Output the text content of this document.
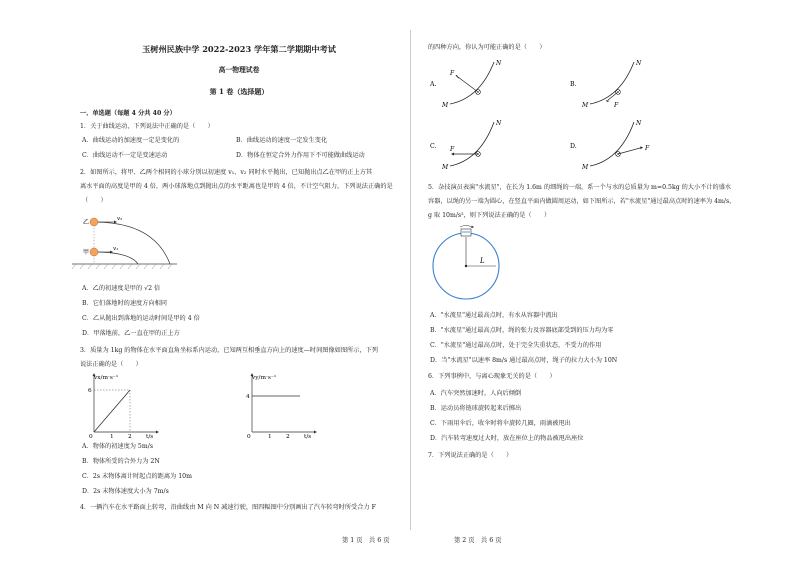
玉树州民族中学 2022-2023 学年第二学期期中考试
高一物理试卷
第 1 卷（选择题）
一、单选题（每题 4 分共 40 分）
1．关于曲线运动，下列说法中正确的是（　　）
A．曲线运动的加速度一定是变化的	B．曲线运动的速度一定发生变化
C．曲线运动不一定是变速运动	D．物体在恒定合外力作用下不可能做曲线运动
2．如图所示，将甲、乙两个相同的小球分别以初速度 v₁、v₂ 同时水平抛出，已知抛出点乙在甲的正上方其
离水平面的高度是甲的 4 倍，两小球落地点到抛出点的水平距离也是甲的 4 倍，不计空气阻力，下列说法正确的是
（　　）
乙
甲
v₂
v₁
A．乙的初速度是甲的 √2 倍
B．它们落地时的速度方向相同
C．乙从抛出到落地的运动时间是甲的 4 倍
D．甲落地前，乙一直在甲的正上方
3．质量为 1kg 的物体在水平面直角坐标系内运动，已知两互相垂直方向上的速度—时间图像如图所示，下列
说法正确的是（　　）
vx/m·s⁻¹
6
0	1 2 t/s
vy/m·s⁻¹
4
0	1 2 t/s
A．物体的初速度为 5m/s
B．物体所受的合外力为 2N
C．2s 末物体离计时起点的距离为 10m
D．2s 末物体速度大小为 7m/s
4．一辆汽车在水平路面上转弯，沿曲线由 M 向 N 减速行驶，图四幅图中分别画出了汽车转弯时所受合力 F
第 1 页　共 6 页
的四种方向，你认为可能正确的是（　　）
A.
F
M
N
B.
F
M
N
C. F
M
N
D.	F
M
N
5．杂技演员表演"水流星"，在长为 1.6m 的细绳的一端，系一个与水的总质量为 m=0.5kg 的大小不计的盛水
容器，以绳的另一端为圆心，在竖直平面内做圆周运动，如下图所示，若"水流星"通过最高点时的速率为 4m/s，
g 取 10m/s²，则下列说法正确的是（　　）
L
A．"水流星"通过最高点时，有水从容器中流出
B．"水流星"通过最高点时，绳的张力及容器底部受到的压力均为零
C．"水流星"通过最高点时，处于完全失重状态，不受力的作用
D．当"水流星"以速率 8m/s 通过最高点时，绳子的拉力大小为 10N
6．下列事例中，与离心现象无关的是（　　）
A．汽车突然加速时，人向后倾倒
B．运动员将链球旋转起来后掷出
C．下雨用伞后，收伞时将伞旋转几圈，雨滴被甩出
D．汽车转弯速度过大时，放在座位上的物品被甩出座位
7．下列说法正确的是（　　）
第 2 页　共 6 页
